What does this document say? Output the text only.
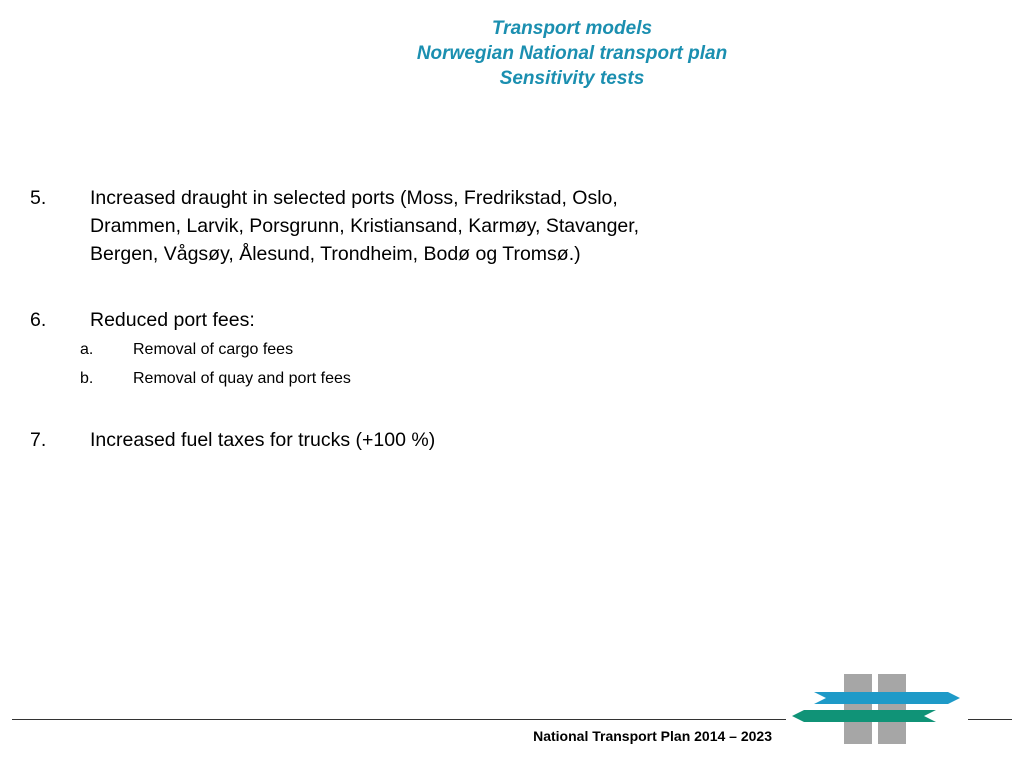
Transport models
Norwegian National transport plan
Sensitivity tests
5.	Increased draught in selected ports (Moss, Fredrikstad, Oslo,
Drammen, Larvik, Porsgrunn, Kristiansand, Karmøy, Stavanger,
Bergen, Vågsøy, Ålesund, Trondheim, Bodø og Tromsø.)
6.	Reduced port fees:
a.	Removal of cargo fees
b.	Removal of quay and port fees
7.	Increased fuel taxes for trucks (+100 %)
National Transport Plan 2014 – 2023
